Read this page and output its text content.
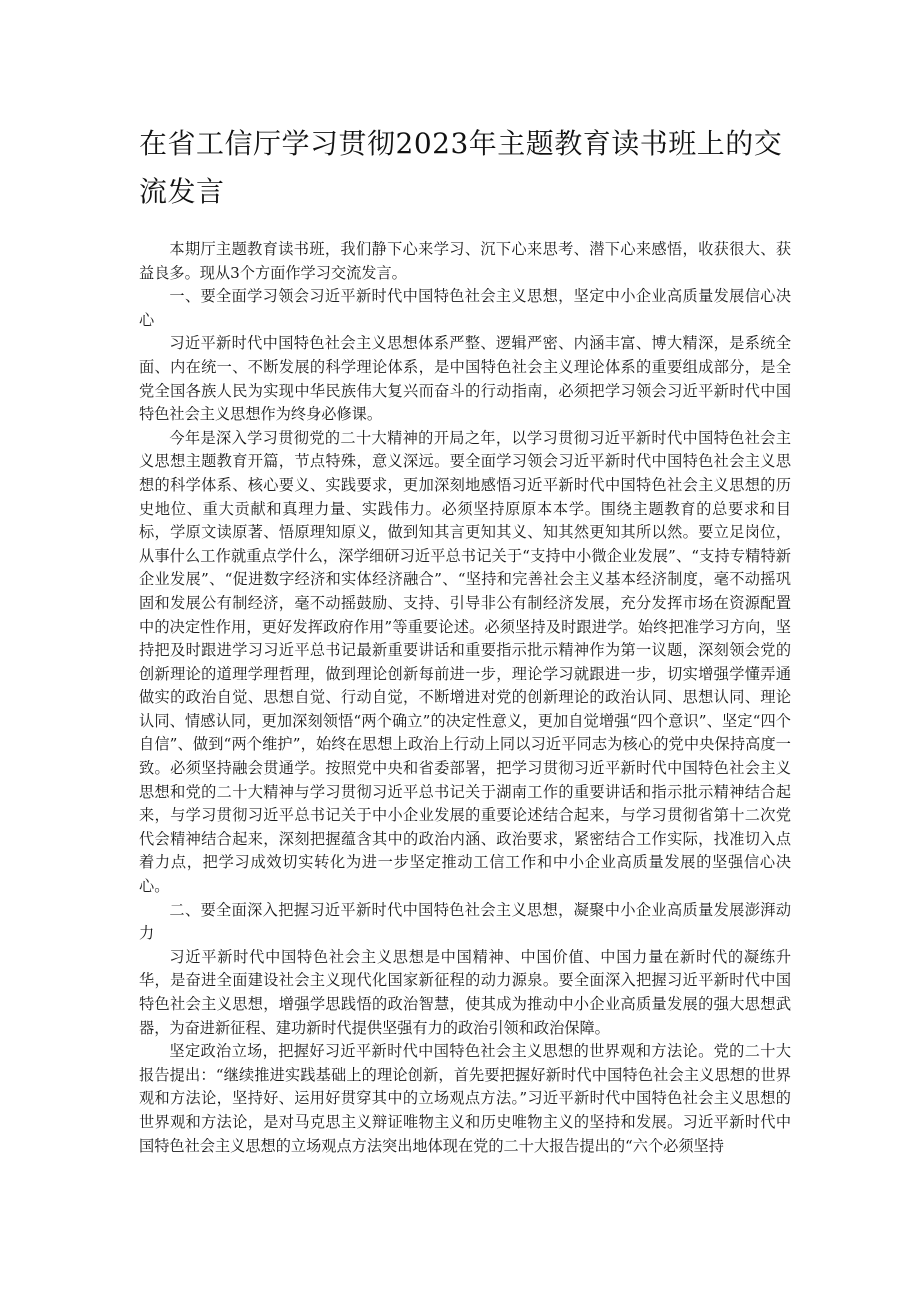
在省工信厅学习贯彻2023年主题教育读书班上的交流发言

本期厅主题教育读书班，我们静下心来学习、沉下心来思考、潜下心来感悟，收获很大、获益良多。现从3个方面作学习交流发言。

一、要全面学习领会习近平新时代中国特色社会主义思想，坚定中小企业高质量发展信心决心

习近平新时代中国特色社会主义思想体系严整、逻辑严密、内涵丰富、博大精深，是系统全面、内在统一、不断发展的科学理论体系，是中国特色社会主义理论体系的重要组成部分，是全党全国各族人民为实现中华民族伟大复兴而奋斗的行动指南，必须把学习领会习近平新时代中国特色社会主义思想作为终身必修课。

今年是深入学习贯彻党的二十大精神的开局之年，以学习贯彻习近平新时代中国特色社会主义思想主题教育开篇，节点特殊，意义深远。要全面学习领会习近平新时代中国特色社会主义思想的科学体系、核心要义、实践要求，更加深刻地感悟习近平新时代中国特色社会主义思想的历史地位、重大贡献和真理力量、实践伟力。必须坚持原原本本学。围绕主题教育的总要求和目标，学原文读原著、悟原理知原义，做到知其言更知其义、知其然更知其所以然。要立足岗位，从事什么工作就重点学什么，深学细研习近平总书记关于“支持中小微企业发展”、“支持专精特新企业发展”、“促进数字经济和实体经济融合”、“坚持和完善社会主义基本经济制度，毫不动摇巩固和发展公有制经济，毫不动摇鼓励、支持、引导非公有制经济发展，充分发挥市场在资源配置中的决定性作用，更好发挥政府作用”等重要论述。必须坚持及时跟进学。始终把准学习方向，坚持把及时跟进学习习近平总书记最新重要讲话和重要指示批示精神作为第一议题，深刻领会党的创新理论的道理学理哲理，做到理论创新每前进一步，理论学习就跟进一步，切实增强学懂弄通做实的政治自觉、思想自觉、行动自觉，不断增进对党的创新理论的政治认同、思想认同、理论认同、情感认同，更加深刻领悟“两个确立”的决定性意义，更加自觉增强“四个意识”、坚定“四个自信”、做到“两个维护”，始终在思想上政治上行动上同以习近平同志为核心的党中央保持高度一致。必须坚持融会贯通学。按照党中央和省委部署，把学习贯彻习近平新时代中国特色社会主义思想和党的二十大精神与学习贯彻习近平总书记关于湖南工作的重要讲话和指示批示精神结合起来，与学习贯彻习近平总书记关于中小企业发展的重要论述结合起来，与学习贯彻省第十二次党代会精神结合起来，深刻把握蕴含其中的政治内涵、政治要求，紧密结合工作实际，找准切入点着力点，把学习成效切实转化为进一步坚定推动工信工作和中小企业高质量发展的坚强信心决心。

二、要全面深入把握习近平新时代中国特色社会主义思想，凝聚中小企业高质量发展澎湃动力

习近平新时代中国特色社会主义思想是中国精神、中国价值、中国力量在新时代的凝练升华，是奋进全面建设社会主义现代化国家新征程的动力源泉。要全面深入把握习近平新时代中国特色社会主义思想，增强学思践悟的政治智慧，使其成为推动中小企业高质量发展的强大思想武器，为奋进新征程、建功新时代提供坚强有力的政治引领和政治保障。

坚定政治立场，把握好习近平新时代中国特色社会主义思想的世界观和方法论。党的二十大报告提出：“继续推进实践基础上的理论创新，首先要把握好新时代中国特色社会主义思想的世界观和方法论，坚持好、运用好贯穿其中的立场观点方法。”习近平新时代中国特色社会主义思想的世界观和方法论，是对马克思主义辩证唯物主义和历史唯物主义的坚持和发展。习近平新时代中国特色社会主义思想的立场观点方法突出地体现在党的二十大报告提出的“六个必须坚持
